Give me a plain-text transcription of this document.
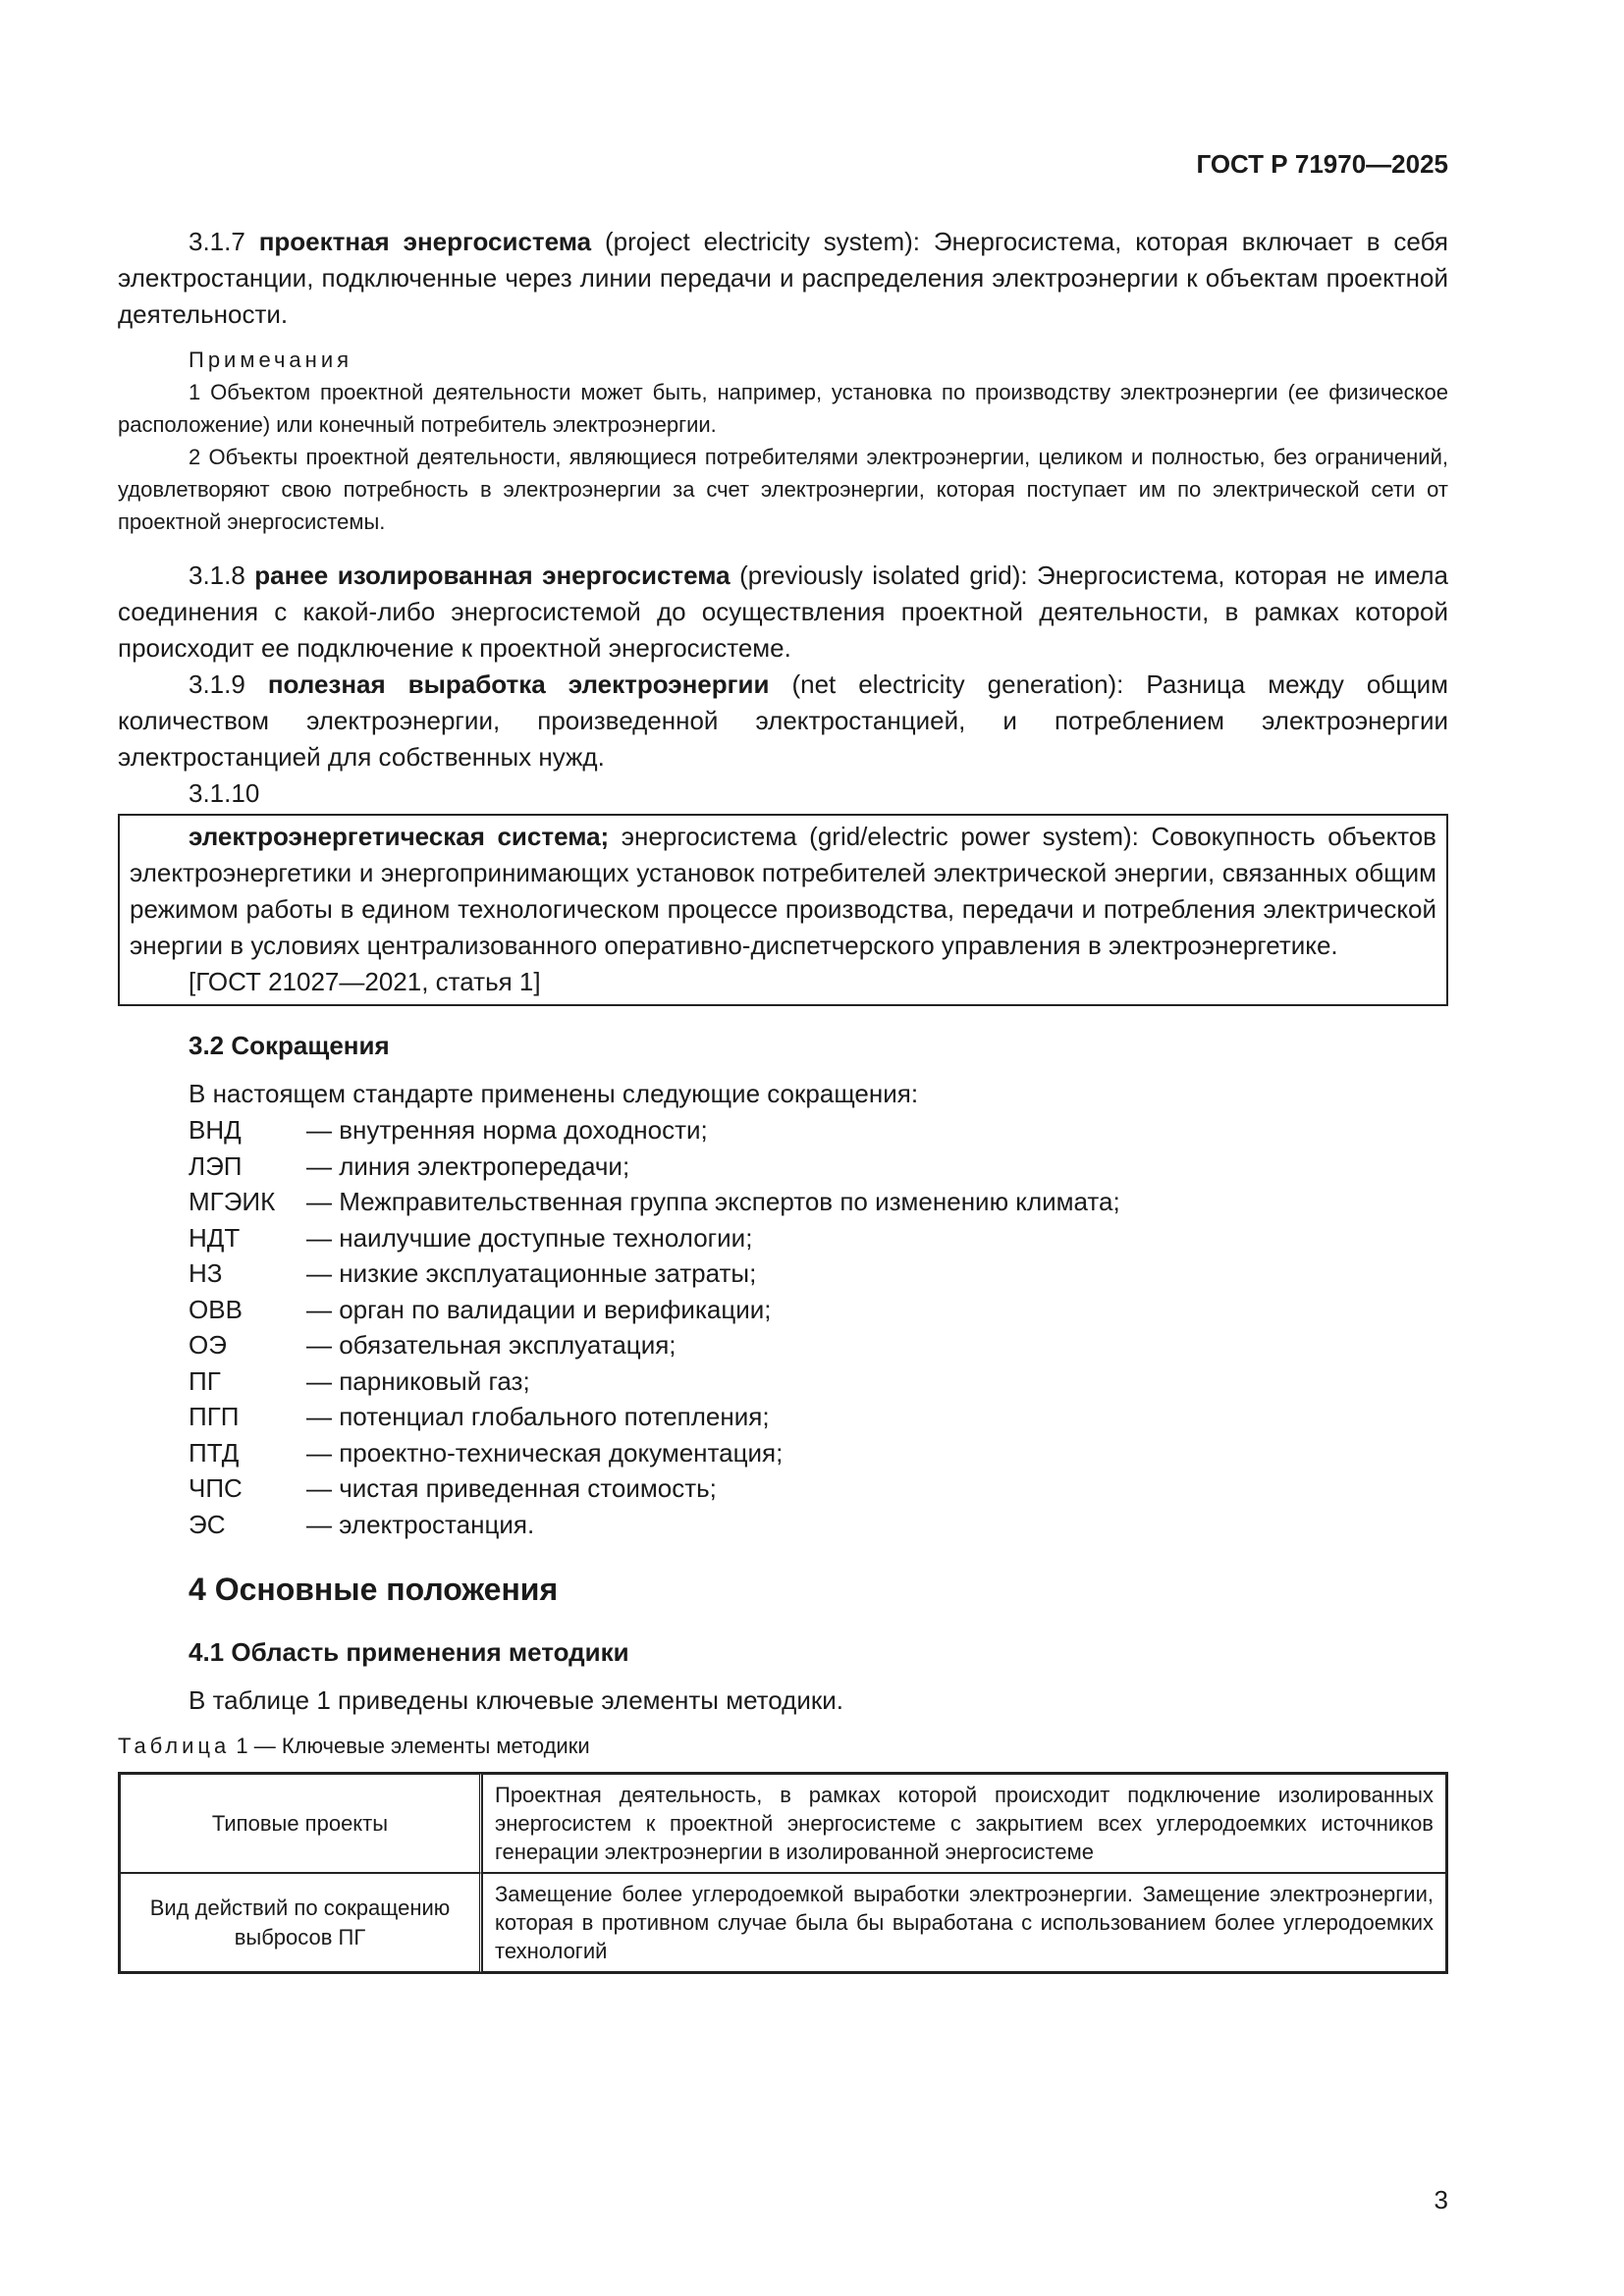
ГОСТ Р 71970—2025

3.1.7 проектная энергосистема (project electricity system): Энергосистема, которая включает в себя электростанции, подключенные через линии передачи и распределения электроэнергии к объектам проектной деятельности.

Примечания

1 Объектом проектной деятельности может быть, например, установка по производству электроэнергии (ее физическое расположение) или конечный потребитель электроэнергии.

2 Объекты проектной деятельности, являющиеся потребителями электроэнергии, целиком и полностью, без ограничений, удовлетворяют свою потребность в электроэнергии за счет электроэнергии, которая поступает им по электрической сети от проектной энергосистемы.

3.1.8 ранее изолированная энергосистема (previously isolated grid): Энергосистема, которая не имела соединения с какой-либо энергосистемой до осуществления проектной деятельности, в рамках которой происходит ее подключение к проектной энергосистеме.

3.1.9 полезная выработка электроэнергии (net electricity generation): Разница между общим количеством электроэнергии, произведенной электростанцией, и потреблением электроэнергии электростанцией для собственных нужд.

3.1.10

электроэнергетическая система; энергосистема (grid/electric power system): Совокупность объектов электроэнергетики и энергопринимающих установок потребителей электрической энергии, связанных общим режимом работы в едином технологическом процессе производства, передачи и потребления электрической энергии в условиях централизованного оперативно-диспетчерского управления в электроэнергетике.

[ГОСТ 21027—2021, статья 1]

3.2 Сокращения

В настоящем стандарте применены следующие сокращения:

ВНД	— внутренняя норма доходности;
ЛЭП	— линия электропередачи;
МГЭИК	— Межправительственная группа экспертов по изменению климата;
НДТ	— наилучшие доступные технологии;
НЗ	— низкие эксплуатационные затраты;
ОВВ	— орган по валидации и верификации;
ОЭ	— обязательная эксплуатация;
ПГ	— парниковый газ;
ПГП	— потенциал глобального потепления;
ПТД	— проектно-техническая документация;
ЧПС	— чистая приведенная стоимость;
ЭС	— электростанция.

4 Основные положения

4.1 Область применения методики

В таблице 1 приведены ключевые элементы методики.

Таблица 1 — Ключевые элементы методики

Типовые проекты	Проектная деятельность, в рамках которой происходит подключение изолированных энергосистем к проектной энергосистеме с закрытием всех углеродоемких источников генерации электроэнергии в изолированной энергосистеме
Вид действий по сокращению выбросов ПГ	Замещение более углеродоемкой выработки электроэнергии. Замещение электроэнергии, которая в противном случае была бы выработана с использованием более углеродоемких технологий
3
